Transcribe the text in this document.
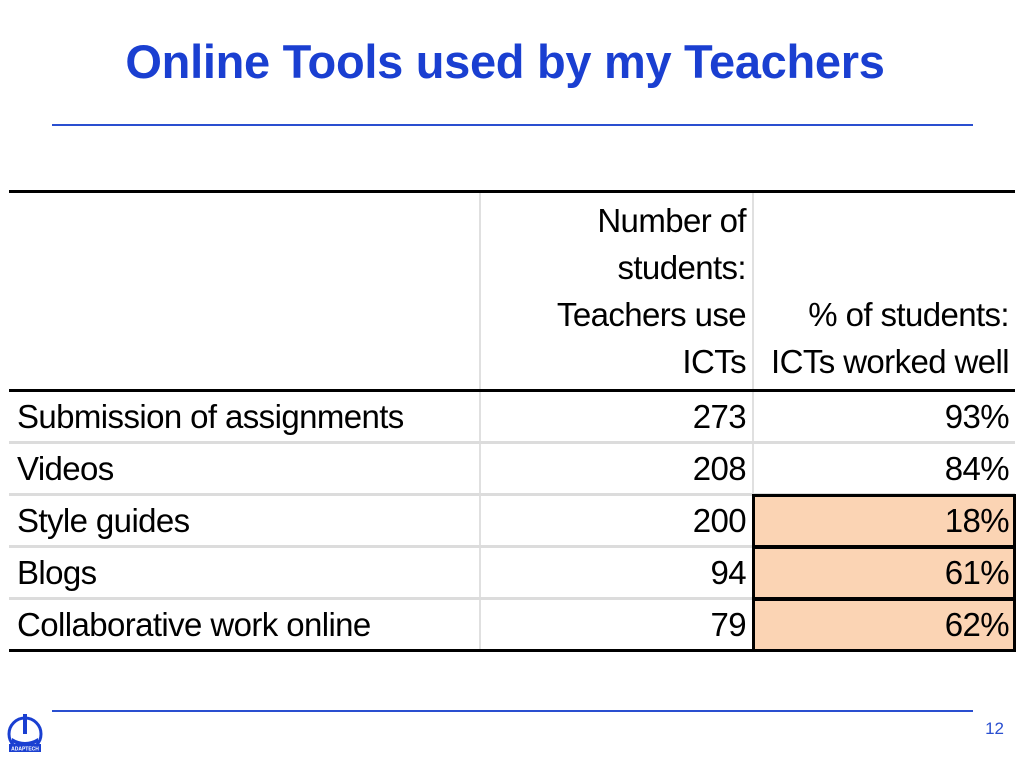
Online Tools used by my Teachers
	Number of students: Teachers use ICTs	% of students: ICTs worked well
Submission of assignments	273	93%
Videos	208	84%
Style guides	200	18%
Blogs	94	61%
Collaborative work online	79	62%
ADAPTECH
12
